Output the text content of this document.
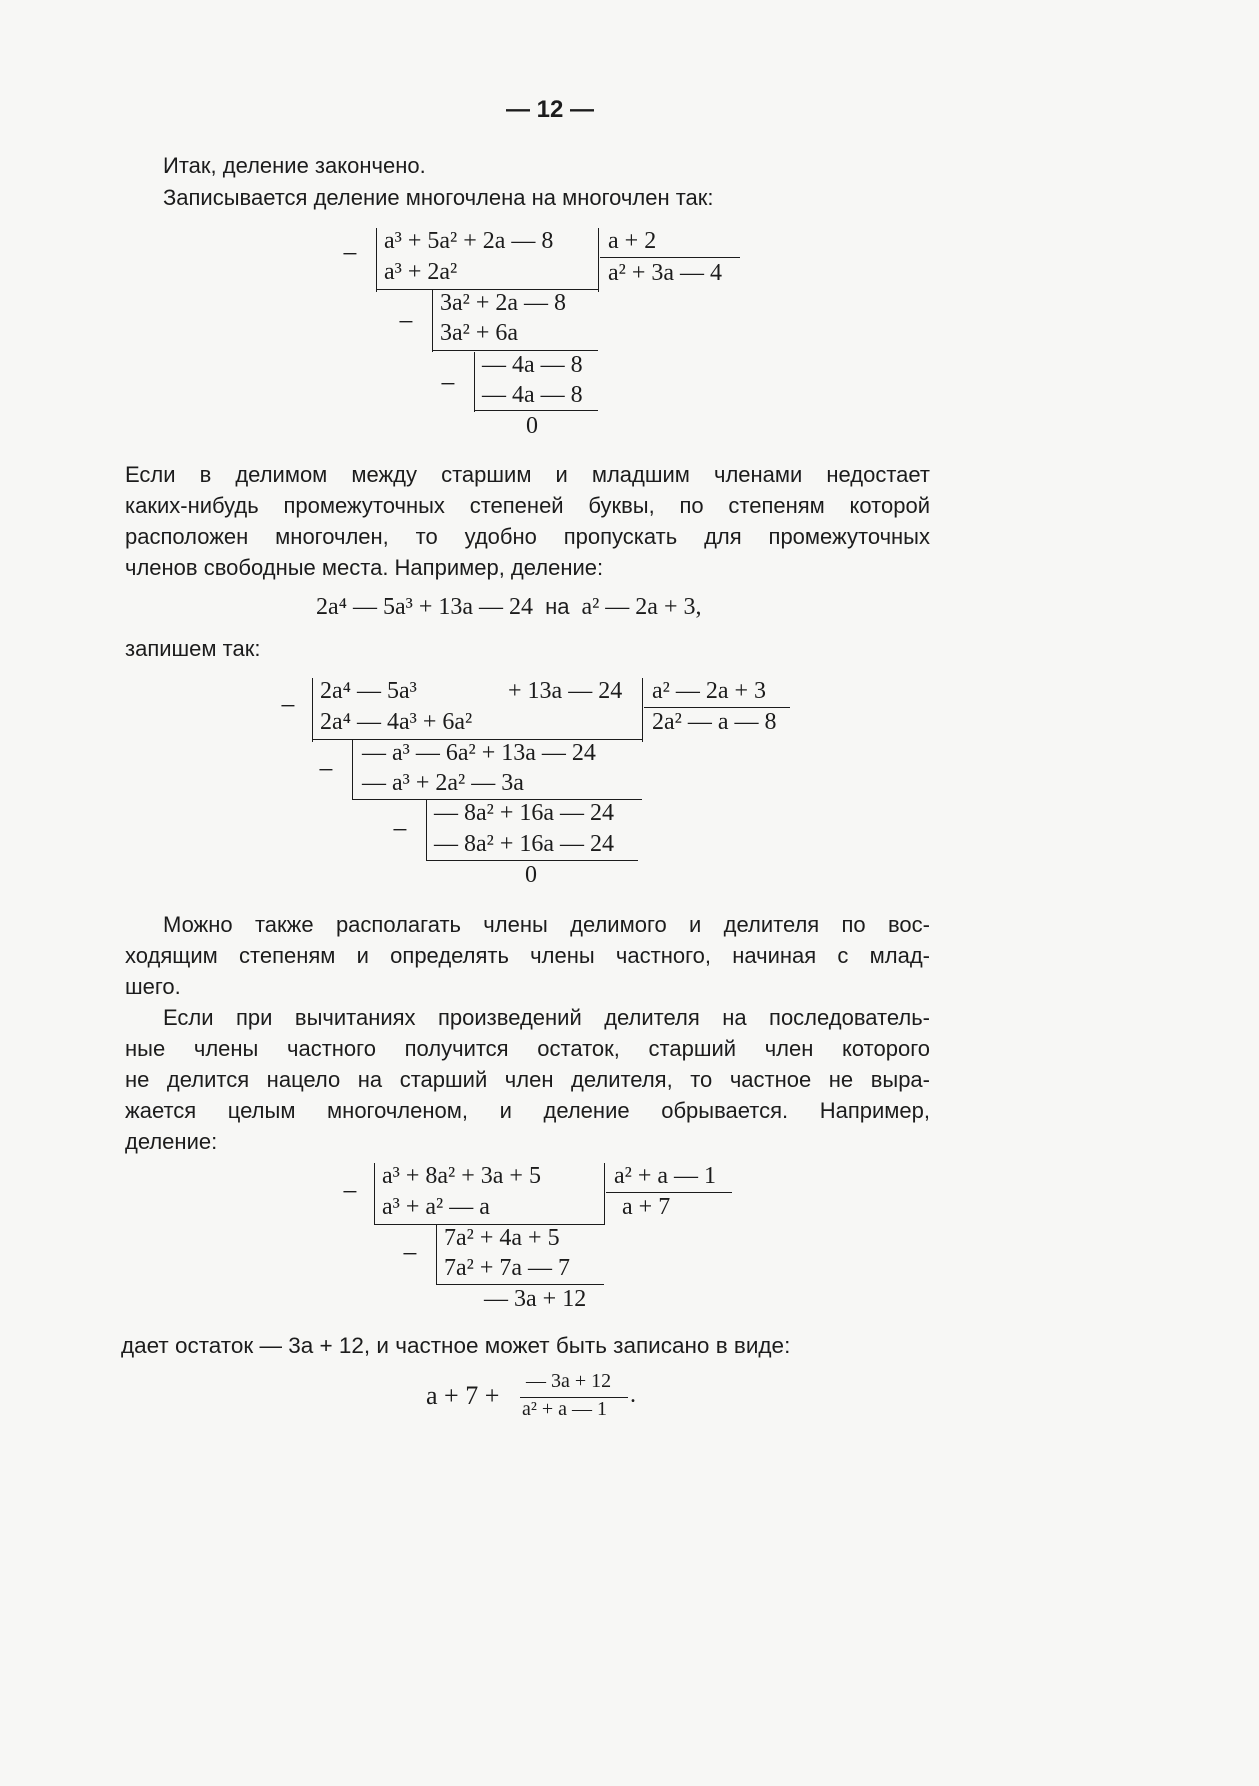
— 12 —
Итак, деление закончено.
Записывается деление многочлена на многочлен так:
− a³ + 5a² + 2a — 8 a + 2
a³ + 2a²	a² + 3a — 4
−
3a² + 2a — 8
3a² + 6a
−
— 4a — 8
— 4a — 8
0
Если в делимом между старшим и младшим членами недостает
каких-нибудь промежуточных степеней буквы, по степеням которой
расположен многочлен, то удобно пропускать для промежуточных
членов свободные места. Например, деление:
2a⁴ — 5a³ + 13a — 24 на a² — 2a + 3,
запишем так:
− 2a⁴ — 5a³	+ 13a — 24 a² — 2a + 3
2a⁴ — 4a³ + 6a²	2a² — a — 8
−
— a³ — 6a² + 13a — 24
— a³ + 2a² — 3a
−
— 8a² + 16a — 24
— 8a² + 16a — 24
0
Можно также располагать члены делимого и делителя по вос-
ходящим степеням и определять члены частного, начиная с млад-
шего.
Если при вычитаниях произведений делителя на последователь-
ные члены частного получится остаток, старший член которого
не делится нацело на старший член делителя, то частное не выра-
жается целым многочленом, и деление обрывается. Например,
деление:
−
a³ + 8a² + 3a + 5	a² + a — 1
a³ + a² — a	a + 7
−
7a² + 4a + 5
7a² + 7a — 7
— 3a + 12
дает остаток — 3a + 12, и частное может быть записано в виде:
a + 7 + — 3a + 12
a² + a — 1
.
